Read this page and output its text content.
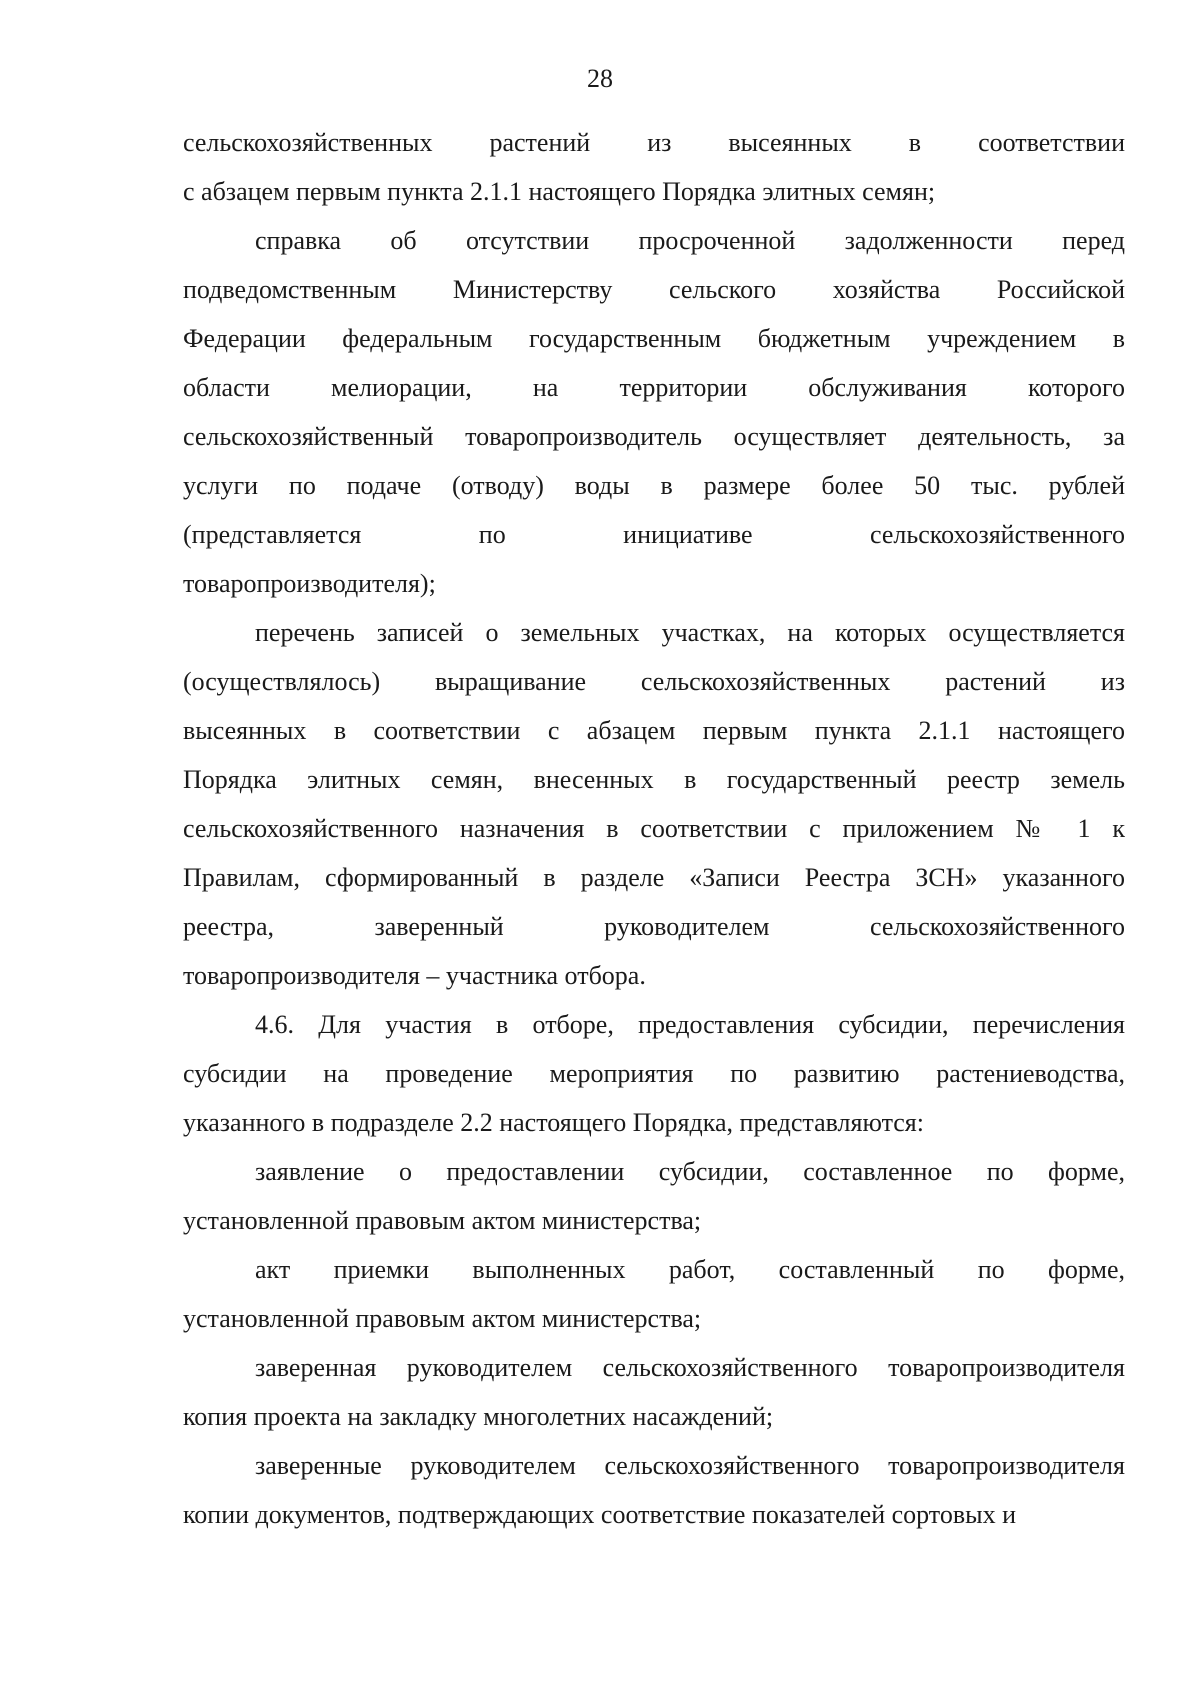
28
сельскохозяйственных растений из высеянных в соответствии
с абзацем первым пункта 2.1.1 настоящего Порядка элитных семян;
справка об отсутствии просроченной задолженности перед
подведомственным Министерству сельского хозяйства Российской
Федерации федеральным государственным бюджетным учреждением в
области мелиорации, на территории обслуживания которого
сельскохозяйственный товаропроизводитель осуществляет деятельность, за
услуги по подаче (отводу) воды в размере более 50 тыс. рублей
(представляется по инициативе сельскохозяйственного
товаропроизводителя);
перечень записей о земельных участках, на которых осуществляется
(осуществлялось) выращивание сельскохозяйственных растений из
высеянных в соответствии с абзацем первым пункта 2.1.1 настоящего
Порядка элитных семян, внесенных в государственный реестр земель
сельскохозяйственного назначения в соответствии с приложением № 1 к
Правилам, сформированный в разделе «Записи Реестра ЗСН» указанного
реестра, заверенный руководителем сельскохозяйственного
товаропроизводителя – участника отбора.
4.6. Для участия в отборе, предоставления субсидии, перечисления
субсидии на проведение мероприятия по развитию растениеводства,
указанного в подразделе 2.2 настоящего Порядка, представляются:
заявление о предоставлении субсидии, составленное по форме,
установленной правовым актом министерства;
акт приемки выполненных работ, составленный по форме,
установленной правовым актом министерства;
заверенная руководителем сельскохозяйственного товаропроизводителя
копия проекта на закладку многолетних насаждений;
заверенные руководителем сельскохозяйственного товаропроизводителя
копии документов, подтверждающих соответствие показателей сортовых и
